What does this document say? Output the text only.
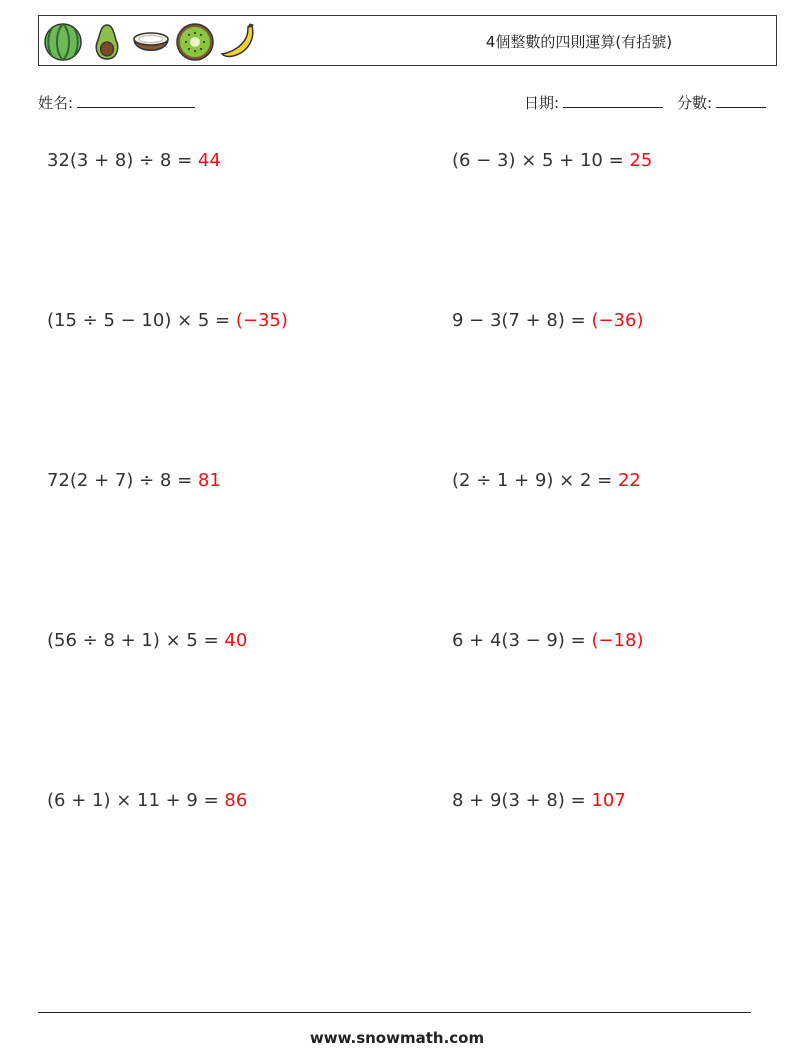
4個整數的四則運算(有括號)
姓名:	日期:	分數:
32(3 + 8) ÷ 8 = 44	(6 − 3) × 5 + 10 = 25
(15 ÷ 5 − 10) × 5 = (−35)	9 − 3(7 + 8) = (−36)
72(2 + 7) ÷ 8 = 81	(2 ÷ 1 + 9) × 2 = 22
(56 ÷ 8 + 1) × 5 = 40	6 + 4(3 − 9) = (−18)
(6 + 1) × 11 + 9 = 86	8 + 9(3 + 8) = 107
www.snowmath.com
